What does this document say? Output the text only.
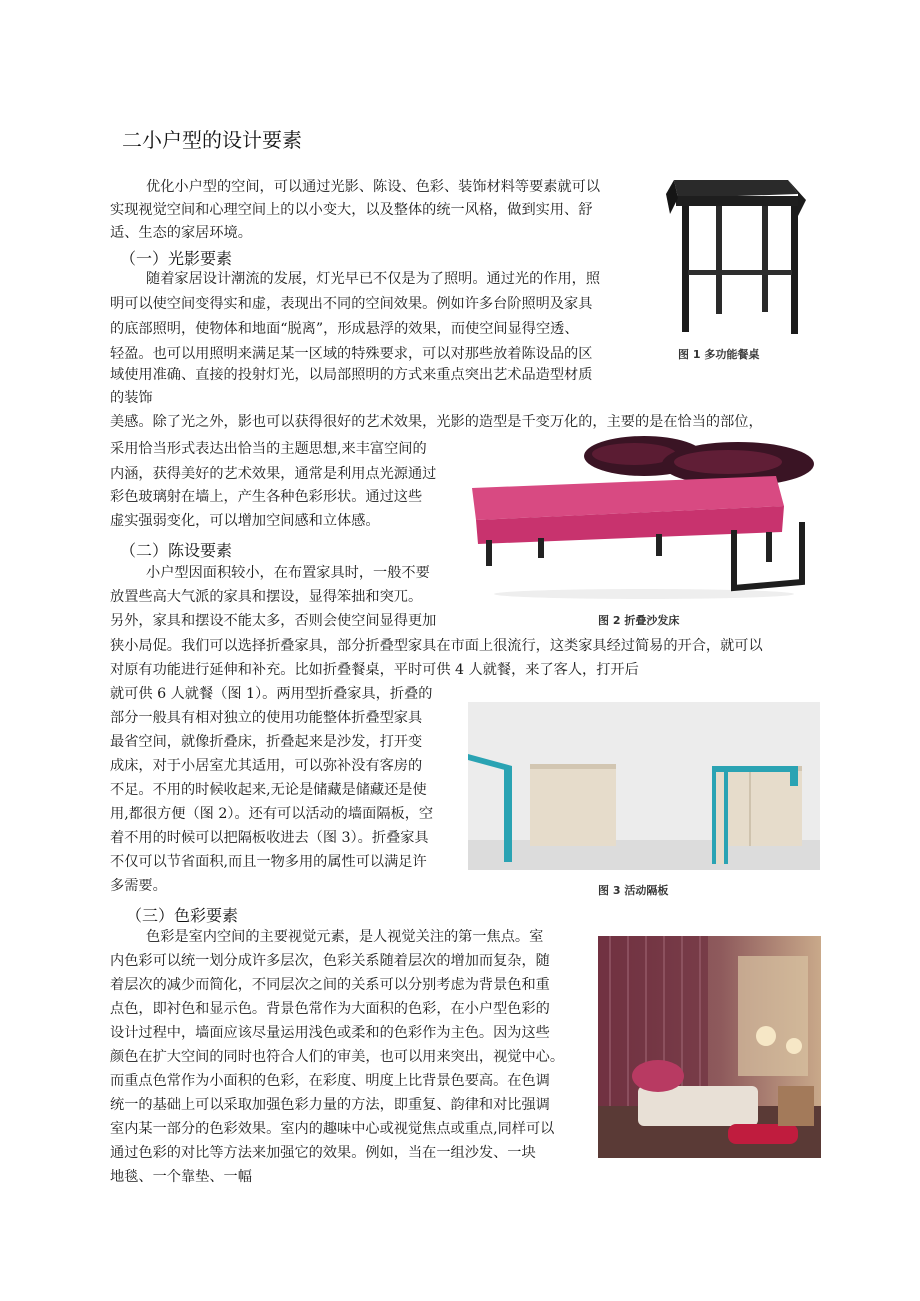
二小户型的设计要素
优化小户型的空间，可以通过光影、陈设、色彩、装饰材料等要素就可以
实现视觉空间和心理空间上的以小变大，以及整体的统一风格，做到实用、舒
适、生态的家居环境。
（一）光影要素
随着家居设计潮流的发展，灯光早已不仅是为了照明。通过光的作用，照
明可以使空间变得实和虚，表现出不同的空间效果。例如许多台阶照明及家具
的底部照明，使物体和地面“脱离”，形成悬浮的效果，而使空间显得空透、
轻盈。也可以用照明来满足某一区域的特殊要求，可以对那些放着陈设品的区
域使用准确、直接的投射灯光，以局部照明的方式来重点突出艺术品造型材质
的装饰
美感。除了光之外，影也可以获得很好的艺术效果，光影的造型是千变万化的，主要的是在恰当的部位，
采用恰当形式表达出恰当的主题思想,来丰富空间的
内涵，获得美好的艺术效果，通常是利用点光源通过
彩色玻璃射在墙上，产生各种色彩形状。通过这些
虚实强弱变化，可以增加空间感和立体感。
（二）陈设要素
小户型因面积较小，在布置家具时，一般不要
放置些高大气派的家具和摆设，显得笨拙和突兀。
另外，家具和摆设不能太多，否则会使空间显得更加
狭小局促。我们可以选择折叠家具，部分折叠型家具在市面上很流行，这类家具经过简易的开合，就可以
对原有功能进行延伸和补充。比如折叠餐桌，平时可供 4 人就餐，来了客人，打开后
就可供 6 人就餐（图 1）。两用型折叠家具，折叠的
部分一般具有相对独立的使用功能整体折叠型家具
最省空间，就像折叠床，折叠起来是沙发，打开变
成床，对于小居室尤其适用，可以弥补没有客房的
不足。不用的时候收起来,无论是储藏是储藏还是使
用,都很方便（图 2）。还有可以活动的墙面隔板，空
着不用的时候可以把隔板收进去（图 3）。折叠家具
不仅可以节省面积,而且一物多用的属性可以满足许
多需要。
（三）色彩要素
色彩是室内空间的主要视觉元素，是人视觉关注的第一焦点。室
内色彩可以统一划分成许多层次，色彩关系随着层次的增加而复杂，随
着层次的减少而简化，不同层次之间的关系可以分别考虑为背景色和重
点色，即衬色和显示色。背景色常作为大面积的色彩，在小户型色彩的
设计过程中，墙面应该尽量运用浅色或柔和的色彩作为主色。因为这些
颜色在扩大空间的同时也符合人们的审美，也可以用来突出，视觉中心。
而重点色常作为小面积的色彩，在彩度、明度上比背景色要高。在色调
统一的基础上可以采取加强色彩力量的方法，即重复、韵律和对比强调
室内某一部分的色彩效果。室内的趣味中心或视觉焦点或重点,同样可以
通过色彩的对比等方法来加强它的效果。例如，当在一组沙发、一块
地毯、一个靠垫、一幅
图 1 多功能餐桌
图 2 折叠沙发床
图 3 活动隔板
